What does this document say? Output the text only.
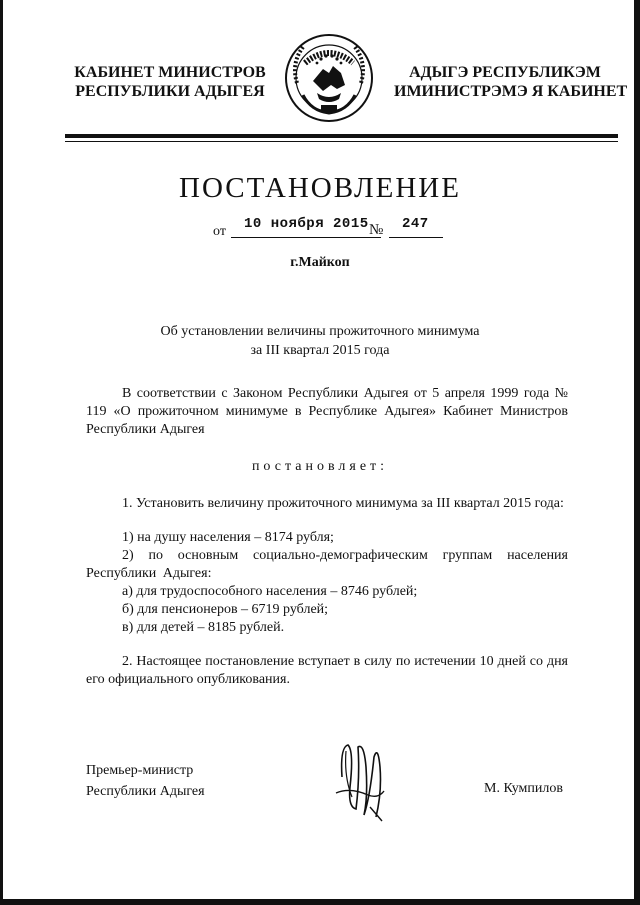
КАБИНЕТ МИНИСТРОВ
РЕСПУБЛИКИ АДЫГЕЯ
АДЫГЭ РЕСПУБЛИКЭМ
ИМИНИСТРЭМЭ Я КАБИНЕТ
ПОСТАНОВЛЕНИЕ
от 10 ноября 2015 № 247
г.Майкоп
Об установлении величины прожиточного минимума
за III квартал 2015 года
В соответствии с Законом Республики Адыгея от 5 апреля 1999 года № 119 «О прожиточном минимуме в Республике Адыгея» Кабинет Министров Республики Адыгея
постановляет:
1. Установить величину прожиточного минимума за III квартал 2015 года:
1) на душу населения – 8174 рубля;
2) по основным социально-демографическим группам населения Республики Адыгея:
а) для трудоспособного населения – 8746 рублей;
б) для пенсионеров – 6719 рублей;
в) для детей – 8185 рублей.
2. Настоящее постановление вступает в силу по истечении 10 дней со дня его официального опубликования.
Премьер-министр
Республики Адыгея	М. Кумпилов
